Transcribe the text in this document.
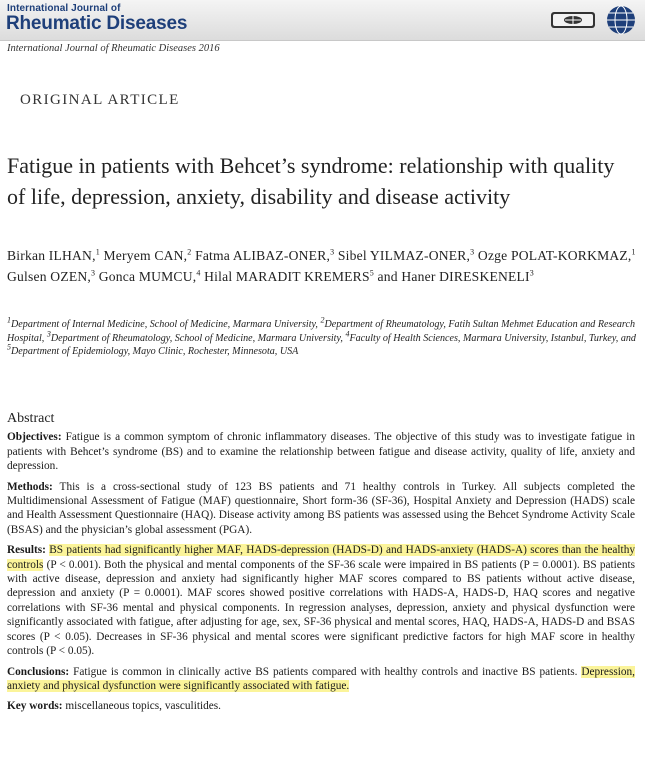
International Journal of
Rheumatic Diseases
International Journal of Rheumatic Diseases 2016
ORIGINAL ARTICLE
Fatigue in patients with Behcet’s syndrome: relationship with quality of life, depression, anxiety, disability and disease activity
Birkan ILHAN,$^1$ Meryem CAN,$^2$ Fatma ALIBAZ-ONER,$^3$ Sibel YILMAZ-ONER,$^3$ Ozge POLAT-KORKMAZ,$^1$ Gulsen OZEN,$^3$ Gonca MUMCU,$^4$ Hilal MARADIT KREMERS$^5$ and Haner DIRESKENELI$^3$
$^1$Department of Internal Medicine, School of Medicine, Marmara University, $^2$Department of Rheumatology, Fatih Sultan Mehmet Education and Research Hospital, $^3$Department of Rheumatology, School of Medicine, Marmara University, $^4$Faculty of Health Sciences, Marmara University, Istanbul, Turkey, and $^5$Department of Epidemiology, Mayo Clinic, Rochester, Minnesota, USA
Abstract

Objectives: Fatigue is a common symptom of chronic inflammatory diseases. The objective of this study was to investigate fatigue in patients with Behcet’s syndrome (BS) and to examine the relationship between fatigue and disease activity, quality of life, anxiety and depression.

Methods: This is a cross-sectional study of 123 BS patients and 71 healthy controls in Turkey. All subjects completed the Multidimensional Assessment of Fatigue (MAF) questionnaire, Short form-36 (SF-36), Hospital Anxiety and Depression (HADS) scale and Health Assessment Questionnaire (HAQ). Disease activity among BS patients was assessed using the Behcet Syndrome Activity Scale (BSAS) and the physician’s global assessment (PGA).

Results: BS patients had significantly higher MAF, HADS-depression (HADS-D) and HADS-anxiety (HADS-A) scores than the healthy controls (P < 0.001). Both the physical and mental components of the SF-36 scale were impaired in BS patients (P = 0.0001). BS patients with active disease, depression and anxiety had significantly higher MAF scores compared to BS patients without active disease, depression and anxiety (P = 0.0001). MAF scores showed positive correlations with HADS-A, HADS-D, HAQ scores and negative correlations with SF-36 mental and physical components. In regression analyses, depression, anxiety and physical dysfunction were significantly associated with fatigue, after adjusting for age, sex, SF-36 physical and mental scores, HAQ, HADS-A, HADS-D and BSAS scores (P < 0.05). Decreases in SF-36 physical and mental scores were significant predictive factors for high MAF score in healthy controls (P < 0.05).

Conclusions: Fatigue is common in clinically active BS patients compared with healthy controls and inactive BS patients. Depression, anxiety and physical dysfunction were significantly associated with fatigue.

Key words: miscellaneous topics, vasculitides.
